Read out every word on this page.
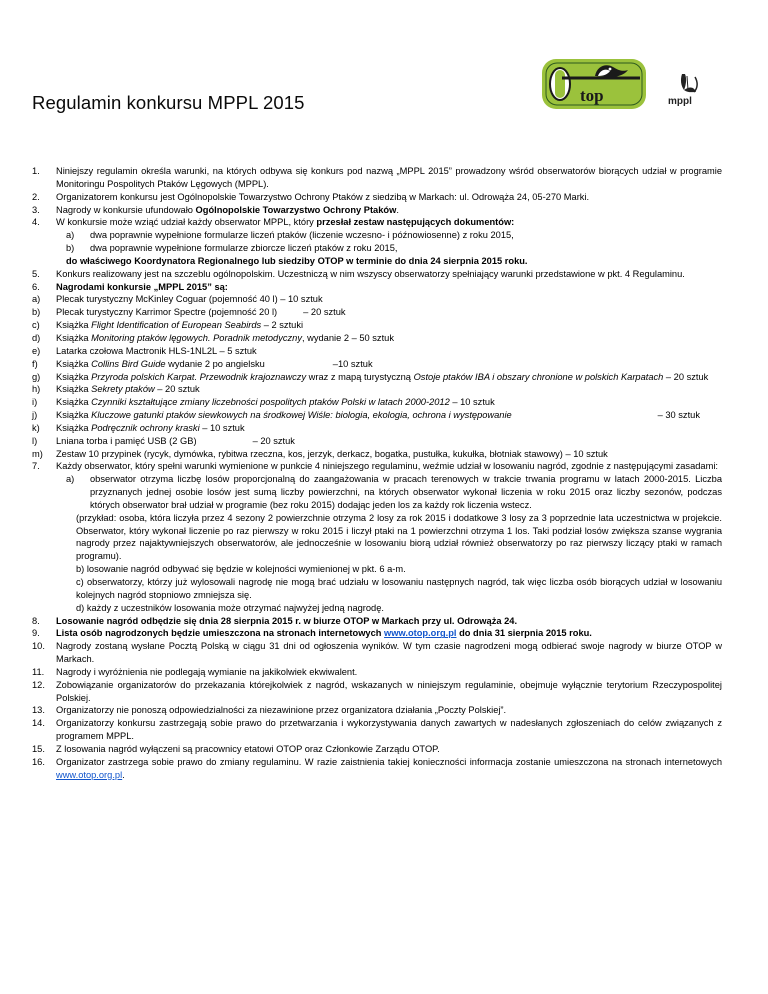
top	mppl
Regulamin konkursu MPPL 2015
1.	Niniejszy regulamin określa warunki, na których odbywa się konkurs pod nazwą „MPPL 2015” prowadzony wśród obserwatorów biorących udział w programie Monitoringu Pospolitych Ptaków Lęgowych (MPPL).
2.	Organizatorem konkursu jest Ogólnopolskie Towarzystwo Ochrony Ptaków z siedzibą w Markach: ul. Odrowąża 24, 05-270 Marki.
3.	Nagrody w konkursie ufundowało Ogólnopolskie Towarzystwo Ochrony Ptaków.
4.	W konkursie może wziąć udział każdy obserwator MPPL, który przesłał zestaw następujących dokumentów:
a)	dwa poprawnie wypełnione formularze liczeń ptaków (liczenie wczesno- i późnowiosenne) z roku 2015,
b)	dwa poprawnie wypełnione formularze zbiorcze liczeń ptaków z roku 2015,
do właściwego Koordynatora Regionalnego lub siedziby OTOP w terminie do dnia 24 sierpnia 2015 roku.
5.	Konkurs realizowany jest na szczeblu ogólnopolskim. Uczestniczą w nim wszyscy obserwatorzy spełniający warunki przedstawione w pkt. 4 Regulaminu.
6.	Nagrodami konkursie „MPPL 2015” są:
a)	Plecak turystyczny McKinley Coguar (pojemność 40 l) – 10 sztuk
b)	Plecak turystyczny Karrimor Spectre (pojemność 20 l)	– 20 sztuk
c)	Książka Flight Identification of European Seabirds – 2 sztuki
d)	Książka Monitoring ptaków lęgowych. Poradnik metodyczny, wydanie 2 – 50 sztuk
e)	Latarka czołowa Mactronik HLS-1NL2L – 5 sztuk
f)	Książka Collins Bird Guide wydanie 2 po angielsku	–10 sztuk
g)	Książka Przyroda polskich Karpat. Przewodnik krajoznawczy wraz z mapą turystyczną Ostoje ptaków IBA i obszary chronione w polskich Karpatach – 20 sztuk
h)	Książka Sekrety ptaków – 20 sztuk
i)	Książka Czynniki kształtujące zmiany liczebności pospolitych ptaków Polski w latach 2000-2012 – 10 sztuk
j)	Książka Kluczowe gatunki ptaków siewkowych na środkowej Wiśle: biologia, ekologia, ochrona i występowanie	– 30 sztuk
k)	Książka Podręcznik ochrony kraski – 10 sztuk
l)	Lniana torba i pamięć USB (2 GB)	– 20 sztuk
m)	Zestaw 10 przypinek (rycyk, dymówka, rybitwa rzeczna, kos, jerzyk, derkacz, bogatka, pustułka, kukułka, błotniak stawowy) – 10 sztuk
7.	Każdy obserwator, który spełni warunki wymienione w punkcie 4 niniejszego regulaminu, weźmie udział w losowaniu nagród, zgodnie z następującymi zasadami:
a)	obserwator otrzyma liczbę losów proporcjonalną do zaangażowania w pracach terenowych w trakcie trwania programu w latach 2000-2015. Liczba przyznanych jednej osobie losów jest sumą liczby powierzchni, na których obserwator wykonał liczenia w roku 2015 oraz liczby sezonów, podczas których obserwator brał udział w programie (bez roku 2015) dodając jeden los za każdy rok liczenia wstecz.
(przykład: osoba, która liczyła przez 4 sezony 2 powierzchnie otrzyma 2 losy za rok 2015 i dodatkowe 3 losy za 3 poprzednie lata uczestnictwa w projekcie. Obserwator, który wykonał liczenie po raz pierwszy w roku 2015 i liczył ptaki na 1 powierzchni otrzyma 1 los. Taki podział losów zwiększa szanse wygrania nagrody przez najaktywniejszych obserwatorów, ale jednocześnie w losowaniu biorą udział również obserwatorzy po raz pierwszy liczący ptaki w ramach programu).
b) losowanie nagród odbywać się będzie w kolejności wymienionej w pkt. 6 a-m.
c) obserwatorzy, którzy już wylosowali nagrodę nie mogą brać udziału w losowaniu następnych nagród, tak więc liczba osób biorących udział w losowaniu kolejnych nagród stopniowo zmniejsza się.
d) każdy z uczestników losowania może otrzymać najwyżej jedną nagrodę.
8.	Losowanie nagród odbędzie się dnia 28 sierpnia 2015 r. w biurze OTOP w Markach przy ul. Odrowąża 24.
9.	Lista osób nagrodzonych będzie umieszczona na stronach internetowych www.otop.org.pl do dnia 31 sierpnia 2015 roku.
10.	Nagrody zostaną wysłane Pocztą Polską w ciągu 31 dni od ogłoszenia wyników. W tym czasie nagrodzeni mogą odbierać swoje nagrody w biurze OTOP w Markach.
11.	Nagrody i wyróżnienia nie podlegają wymianie na jakikolwiek ekwiwalent.
12.	Zobowiązanie organizatorów do przekazania którejkolwiek z nagród, wskazanych w niniejszym regulaminie, obejmuje wyłącznie terytorium Rzeczypospolitej Polskiej.
13.	Organizatorzy nie ponoszą odpowiedzialności za niezawinione przez organizatora działania „Poczty Polskiej”.
14.	Organizatorzy konkursu zastrzegają sobie prawo do przetwarzania i wykorzystywania danych zawartych w nadesłanych zgłoszeniach do celów związanych z programem MPPL.
15.	Z losowania nagród wyłączeni są pracownicy etatowi OTOP oraz Członkowie Zarządu OTOP.
16.	Organizator zastrzega sobie prawo do zmiany regulaminu. W razie zaistnienia takiej konieczności informacja zostanie umieszczona na stronach internetowych www.otop.org.pl.
